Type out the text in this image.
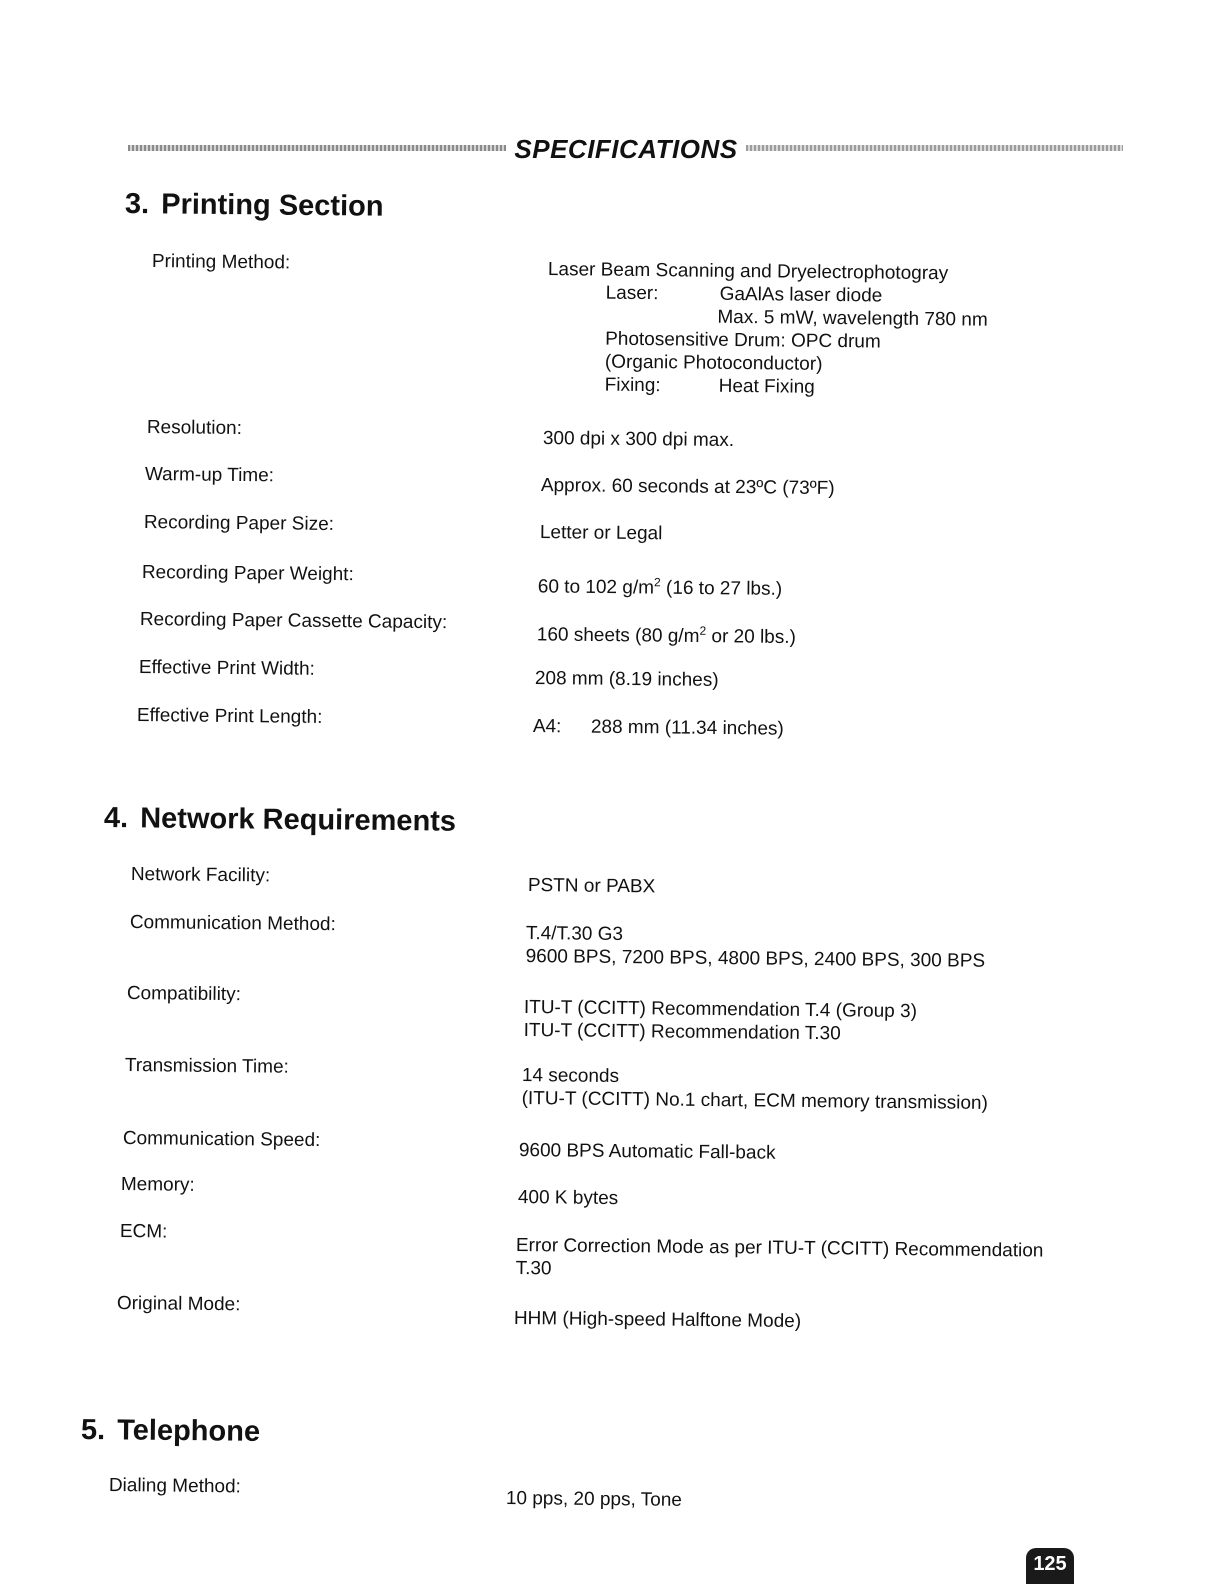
SPECIFICATIONS
3. Printing Section
Printing Method:	Laser Beam Scanning and Dryelectrophotogray
Laser:	GaAlAs laser diode
Max. 5 mW, wavelength 780 nm
Photosensitive Drum: OPC drum
(Organic Photoconductor)
Fixing:	Heat Fixing
Resolution:
300 dpi x 300 dpi max.
Warm-up Time:	Approx. 60 seconds at 23ºC (73ºF)
Recording Paper Size:	Letter or Legal
Recording Paper Weight:
60 to 102 $g/m^2$ (16 to 27 lbs.)
Recording Paper Cassette Capacity:
160 sheets (80 $g/m^2$ or 20 lbs.)
Effective Print Width:	208 mm (8.19 inches)
Effective Print Length:	A4: 288 mm (11.34 inches)
4. Network Requirements
Network Facility:	PSTN or PABX
Communication Method:	T.4/T.30 G3
9600 BPS, 7200 BPS, 4800 BPS, 2400 BPS, 300 BPS
Compatibility:
ITU-T (CCITT) Recommendation T.4 (Group 3)
ITU-T (CCITT) Recommendation T.30
Transmission Time:	14 seconds
(ITU-T (CCITT) No.1 chart, ECM memory transmission)
Communication Speed:
9600 BPS Automatic Fall-back
Memory:
400 K bytes
ECM:
Error Correction Mode as per ITU-T (CCITT) Recommendation
T.30
Original Mode:
HHM (High-speed Halftone Mode)
5. Telephone
Dialing Method:
10 pps, 20 pps, Tone
125
